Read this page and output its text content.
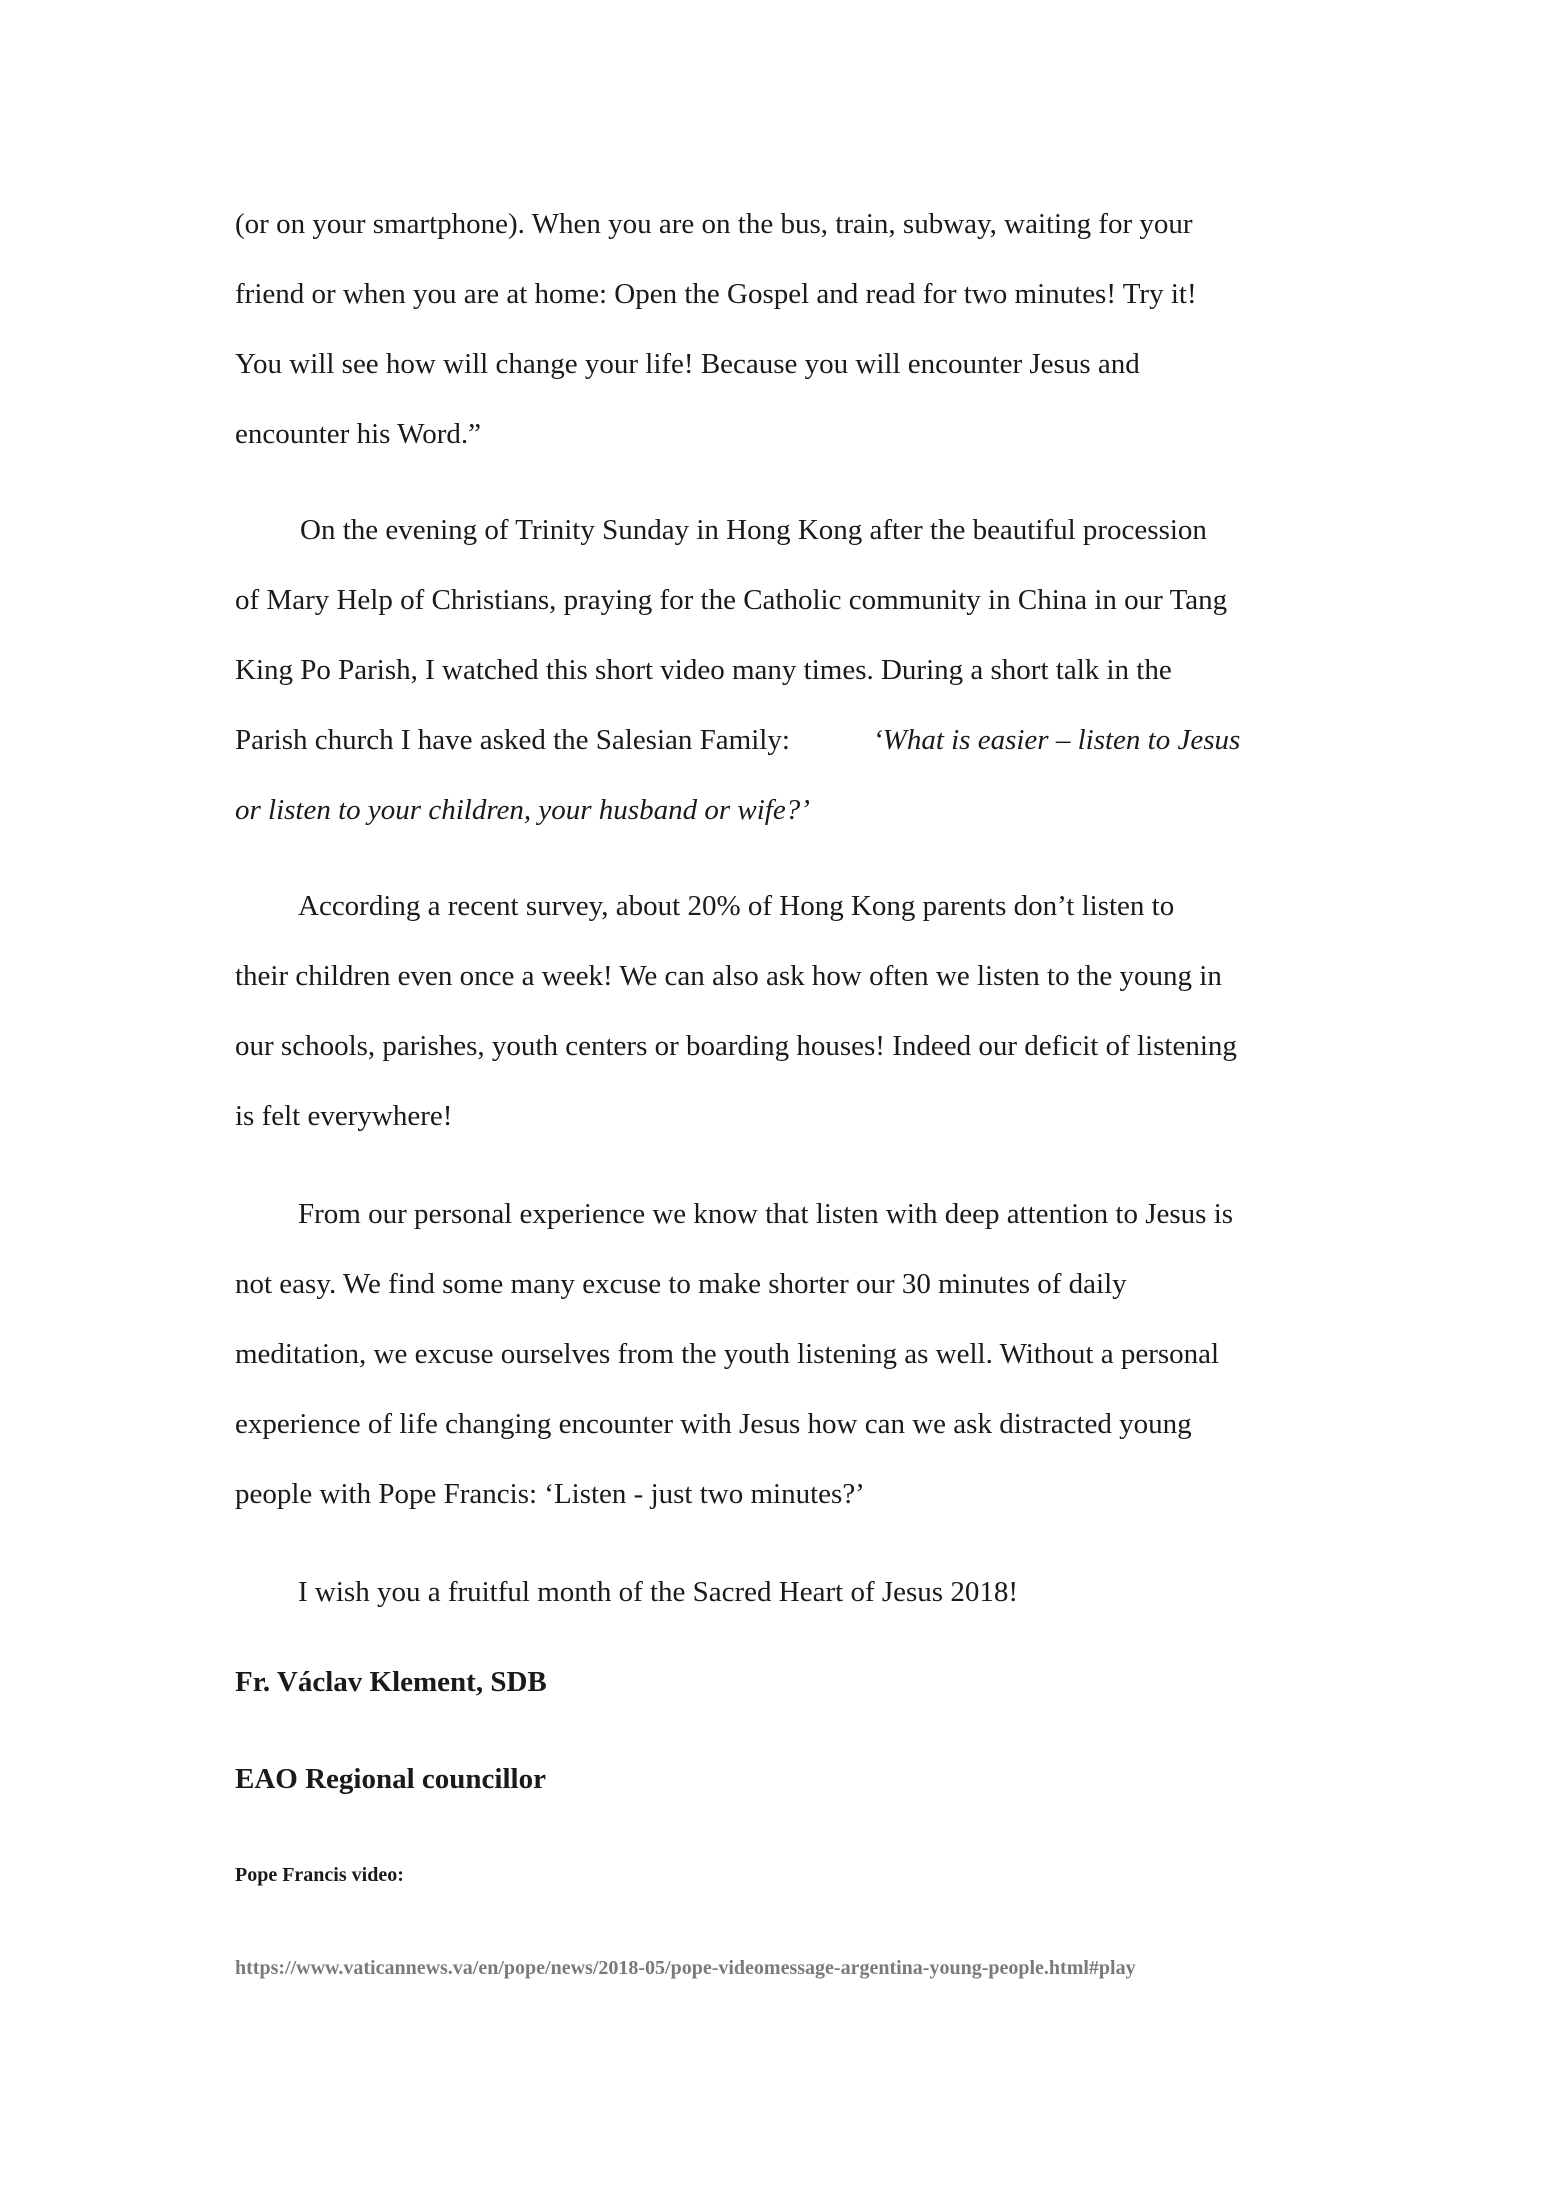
(or on your smartphone). When you are on the bus, train, subway, waiting for your
friend or when you are at home: Open the Gospel and read for two minutes! Try it!
You will see how will change your life! Because you will encounter Jesus and
encounter his Word.”
On the evening of Trinity Sunday in Hong Kong after the beautiful procession
of Mary Help of Christians, praying for the Catholic community in China in our Tang
King Po Parish, I watched this short video many times. During a short talk in the
Parish church I have asked the Salesian Family:	‘What is easier – listen to Jesus
or listen to your children, your husband or wife?’
According a recent survey, about 20% of Hong Kong parents don’t listen to
their children even once a week! We can also ask how often we listen to the young in
our schools, parishes, youth centers or boarding houses! Indeed our deficit of listening
is felt everywhere!
From our personal experience we know that listen with deep attention to Jesus is
not easy. We find some many excuse to make shorter our 30 minutes of daily
meditation, we excuse ourselves from the youth listening as well. Without a personal
experience of life changing encounter with Jesus how can we ask distracted young
people with Pope Francis: ‘Listen - just two minutes?’
I wish you a fruitful month of the Sacred Heart of Jesus 2018!
Fr. Václav Klement, SDB
EAO Regional councillor
Pope Francis video:
https://www.vaticannews.va/en/pope/news/2018-05/pope-videomessage-argentina-young-people.html#play
